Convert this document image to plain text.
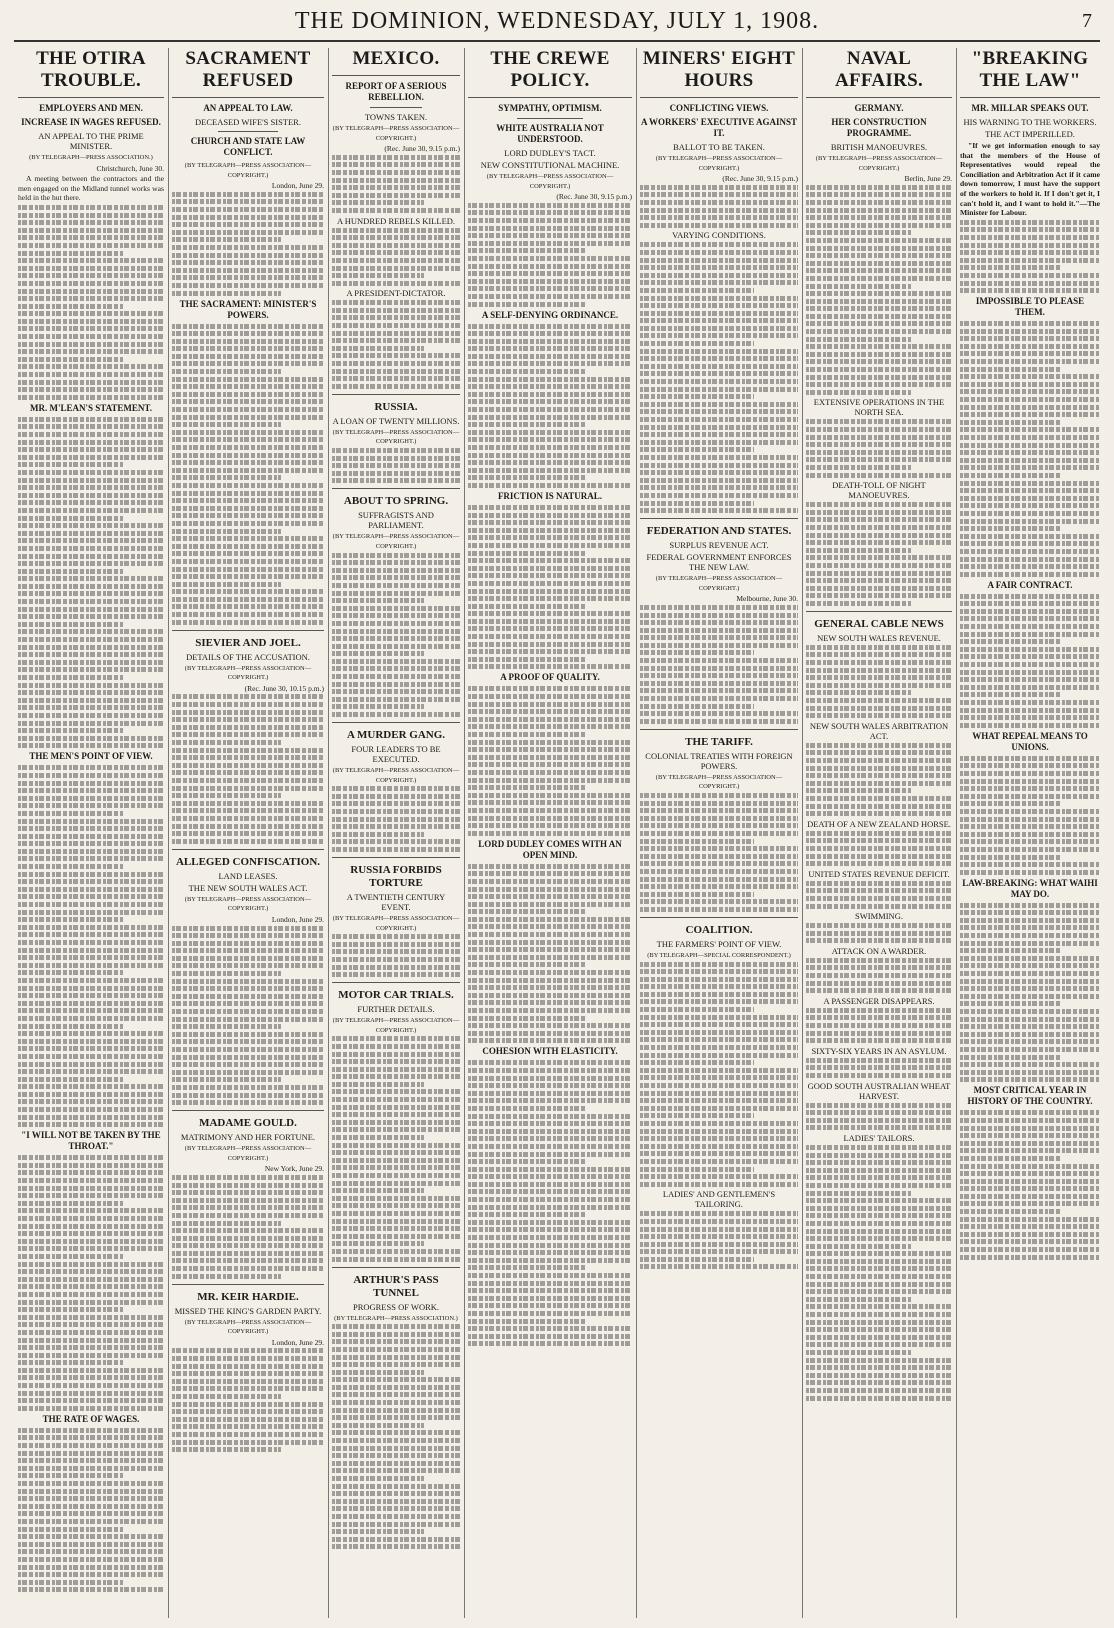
THE DOMINION, WEDNESDAY, JULY 1, 1908.	7
THE OTIRA TROUBLE.
EMPLOYERS AND MEN.
INCREASE IN WAGES REFUSED.
AN APPEAL TO THE PRIME MINISTER.
(BY TELEGRAPH—PRESS ASSOCIATION.)
Christchurch, June 30.
A meeting between the contractors and the men engaged on the Midland tunnel works was held in the hut there.
MR. M'LEAN'S STATEMENT.
THE MEN'S POINT OF VIEW.
"I WILL NOT BE TAKEN BY THE THROAT."
THE RATE OF WAGES.
SACRAMENT REFUSED
AN APPEAL TO LAW.
DECEASED WIFE'S SISTER.
CHURCH AND STATE LAW CONFLICT.
(BY TELEGRAPH—PRESS ASSOCIATION—COPYRIGHT.)
London, June 29.
THE SACRAMENT: MINISTER'S POWERS.
SIEVIER AND JOEL.
DETAILS OF THE ACCUSATION.
(BY TELEGRAPH—PRESS ASSOCIATION—COPYRIGHT.)
(Rec. June 30, 10.15 p.m.)
ALLEGED CONFISCATION.
LAND LEASES.
THE NEW SOUTH WALES ACT.
(BY TELEGRAPH—PRESS ASSOCIATION—COPYRIGHT.)
London, June 29.
MADAME GOULD.
MATRIMONY AND HER FORTUNE.
(BY TELEGRAPH—PRESS ASSOCIATION—COPYRIGHT.)
New York, June 29.
MR. KEIR HARDIE.
MISSED THE KING'S GARDEN PARTY.
(BY TELEGRAPH—PRESS ASSOCIATION—COPYRIGHT.)
London, June 29.
MEXICO.
REPORT OF A SERIOUS REBELLION.
TOWNS TAKEN.
(BY TELEGRAPH—PRESS ASSOCIATION—COPYRIGHT.)
(Rec. June 30, 9.15 p.m.)
A HUNDRED REBELS KILLED.
A PRESIDENT-DICTATOR.
RUSSIA.
A LOAN OF TWENTY MILLIONS.
(BY TELEGRAPH—PRESS ASSOCIATION—COPYRIGHT.)
ABOUT TO SPRING.
SUFFRAGISTS AND PARLIAMENT.
(BY TELEGRAPH—PRESS ASSOCIATION—COPYRIGHT.)
A MURDER GANG.
FOUR LEADERS TO BE EXECUTED.
(BY TELEGRAPH—PRESS ASSOCIATION—COPYRIGHT.)
RUSSIA FORBIDS TORTURE
A TWENTIETH CENTURY EVENT.
(BY TELEGRAPH—PRESS ASSOCIATION—COPYRIGHT.)
MOTOR CAR TRIALS.
FURTHER DETAILS.
(BY TELEGRAPH—PRESS ASSOCIATION—COPYRIGHT.)
ARTHUR'S PASS TUNNEL
PROGRESS OF WORK.
(BY TELEGRAPH—PRESS ASSOCIATION.)
THE CREWE POLICY.
SYMPATHY, OPTIMISM.
WHITE AUSTRALIA NOT UNDERSTOOD.
LORD DUDLEY'S TACT.
NEW CONSTITUTIONAL MACHINE.
(BY TELEGRAPH—PRESS ASSOCIATION—COPYRIGHT.)
(Rec. June 30, 9.15 p.m.)
A SELF-DENYING ORDINANCE.
FRICTION IS NATURAL.
A PROOF OF QUALITY.
LORD DUDLEY COMES WITH AN OPEN MIND.
COHESION WITH ELASTICITY.
MINERS' EIGHT HOURS
CONFLICTING VIEWS.
A WORKERS' EXECUTIVE AGAINST IT.
BALLOT TO BE TAKEN.
(BY TELEGRAPH—PRESS ASSOCIATION—COPYRIGHT.)
(Rec. June 30, 9.15 p.m.)
VARYING CONDITIONS.
FEDERATION AND STATES.
SURPLUS REVENUE ACT.
FEDERAL GOVERNMENT ENFORCES THE NEW LAW.
(BY TELEGRAPH—PRESS ASSOCIATION—COPYRIGHT.)
Melbourne, June 30.
THE TARIFF.
COLONIAL TREATIES WITH FOREIGN POWERS.
(BY TELEGRAPH—PRESS ASSOCIATION—COPYRIGHT.)
COALITION.
THE FARMERS' POINT OF VIEW.
(BY TELEGRAPH—SPECIAL CORRESPONDENT.)
LADIES' AND GENTLEMEN'S TAILORING.
NAVAL AFFAIRS.
GERMANY.
HER CONSTRUCTION PROGRAMME.
BRITISH MANOEUVRES.
(BY TELEGRAPH—PRESS ASSOCIATION—COPYRIGHT.)
Berlin, June 29.
EXTENSIVE OPERATIONS IN THE NORTH SEA.
DEATH-TOLL OF NIGHT MANOEUVRES.
GENERAL CABLE NEWS
NEW SOUTH WALES REVENUE.
NEW SOUTH WALES ARBITRATION ACT.
DEATH OF A NEW ZEALAND HORSE.
UNITED STATES REVENUE DEFICIT.
SWIMMING.
ATTACK ON A WARDER.
A PASSENGER DISAPPEARS.
SIXTY-SIX YEARS IN AN ASYLUM.
GOOD SOUTH AUSTRALIAN WHEAT HARVEST.
LADIES' TAILORS.
"BREAKING THE LAW"
MR. MILLAR SPEAKS OUT.
HIS WARNING TO THE WORKERS.
THE ACT IMPERILLED.
"If we get information enough to say that the members of the House of Representatives would repeal the Conciliation and Arbitration Act if it came down tomorrow, I must have the support of the workers to hold it. If I don't get it, I can't hold it, and I want to hold it."—The Minister for Labour.
IMPOSSIBLE TO PLEASE THEM.
A FAIR CONTRACT.
WHAT REPEAL MEANS TO UNIONS.
LAW-BREAKING: WHAT WAIHI MAY DO.
MOST CRITICAL YEAR IN HISTORY OF THE COUNTRY.
